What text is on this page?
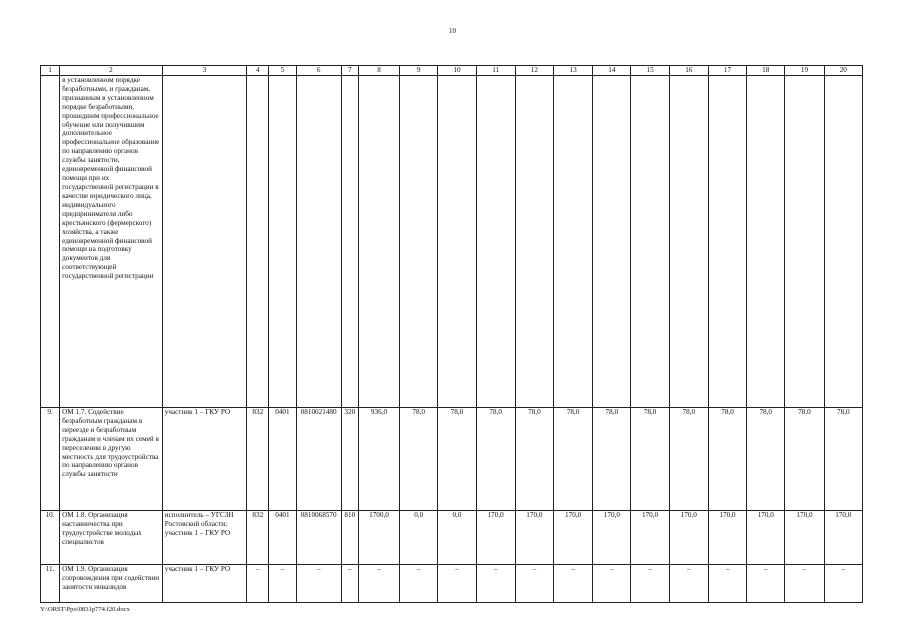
10
1	2	3	4	5	6	7	8	9	10	11	12	13	14	15	16	17	18	19	20
	в установленном порядке безработными, и гражданам, признанным в установленном порядке безработными, прошедшим профессиональное обучение или получившим дополнительное профессиональное образование по направлению органов службы занятости, единовременной финансовой помощи при их государственной регистрации в качестве юридического лица, индивидуального предпринимателя либо крестьянского (фермерского) хозяйства, а также единовременной финансовой помощи на подготовку документов для соответствующей государственной регистрации																		
9.	ОМ 1.7. Содействие безработным гражданам в переезде и безработным гражданам и членам их семей в переселении в другую местность для трудоустройства по направлению органов службы занятости	участник 1 – ГКУ РО	832	0401	0810021480	320	936,0	78,0	78,0	78,0	78,0	78,0	78,0	78,0	78,0	78,0	78,0	78,0	78,0
10.	ОМ 1.8. Организация наставничества при трудоустройстве молодых специалистов	исполнитель – УГСЗН Ростовской области; участник 1 – ГКУ РО	832	0401	0810068570	810	1700,0	0,0	0,0	170,0	170,0	170,0	170,0	170,0	170,0	170,0	170,0	170,0	170,0
11.	ОМ 1.9. Организация сопровождения при содействии занятости инвалидов	участник 1 – ГКУ РО	–	–	–	–	–	–	–	–	–	–	–	–	–	–	–	–	–
Y:\ORST\Ppo\0831p774.f20.docx
